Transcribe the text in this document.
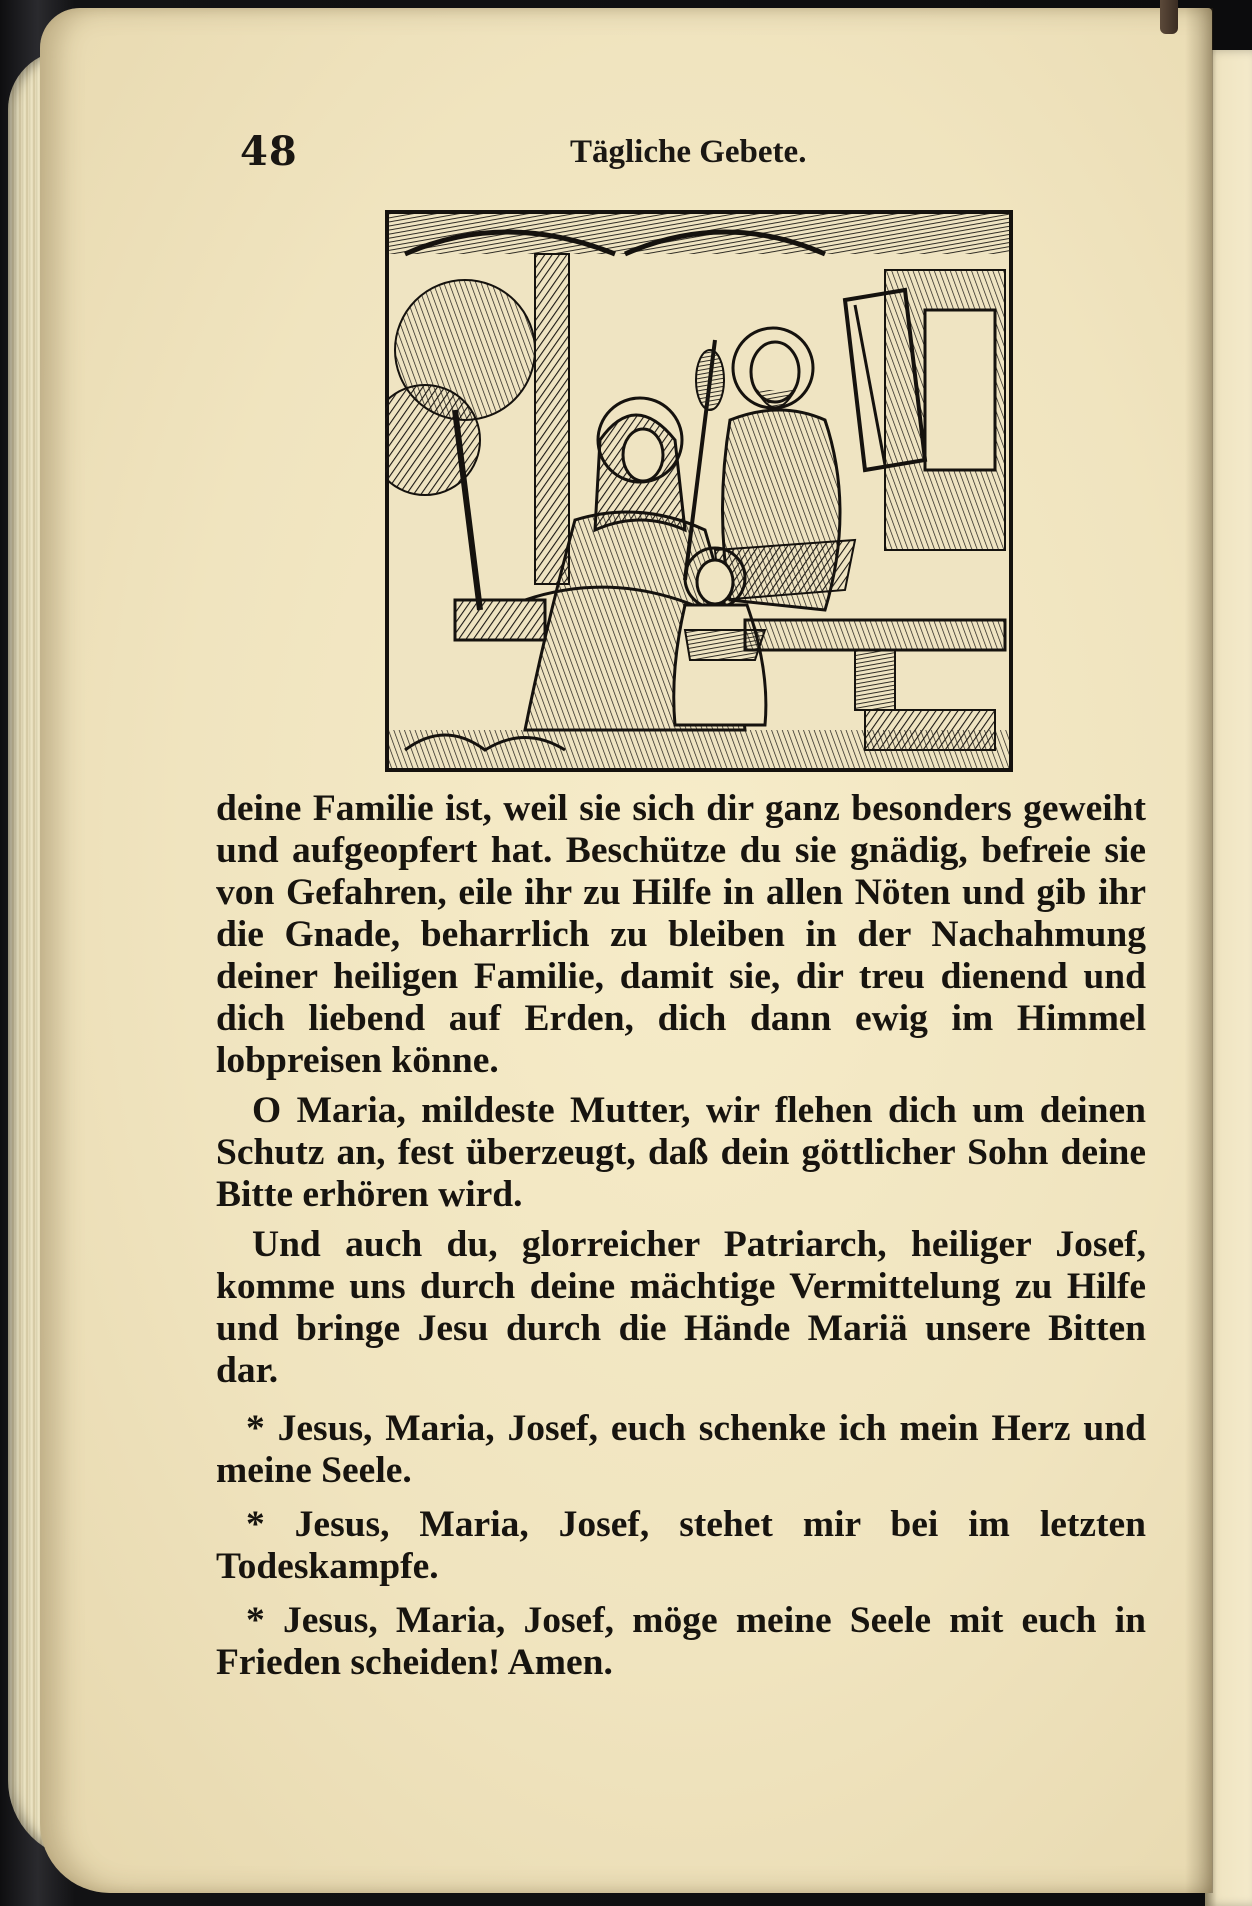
48	Tägliche Gebete.

deine Familie ist, weil sie sich dir ganz besonders geweiht und aufgeopfert hat. Beschütze du sie gnädig, befreie sie von Gefahren, eile ihr zu Hilfe in allen Nöten und gib ihr die Gnade, beharrlich zu bleiben in der Nachahmung deiner heiligen Familie, damit sie, dir treu dienend und dich liebend auf Erden, dich dann ewig im Himmel lobpreisen könne.

O Maria, mildeste Mutter, wir flehen dich um deinen Schutz an, fest überzeugt, daß dein göttlicher Sohn deine Bitte erhören wird.

Und auch du, glorreicher Patriarch, heiliger Josef, komme uns durch deine mächtige Vermittelung zu Hilfe und bringe Jesu durch die Hände Mariä unsere Bitten dar.

* Jesus, Maria, Josef, euch schenke ich mein Herz und meine Seele.

* Jesus, Maria, Josef, stehet mir bei im letzten Todeskampfe.

* Jesus, Maria, Josef, möge meine Seele mit euch in Frieden scheiden! Amen.
